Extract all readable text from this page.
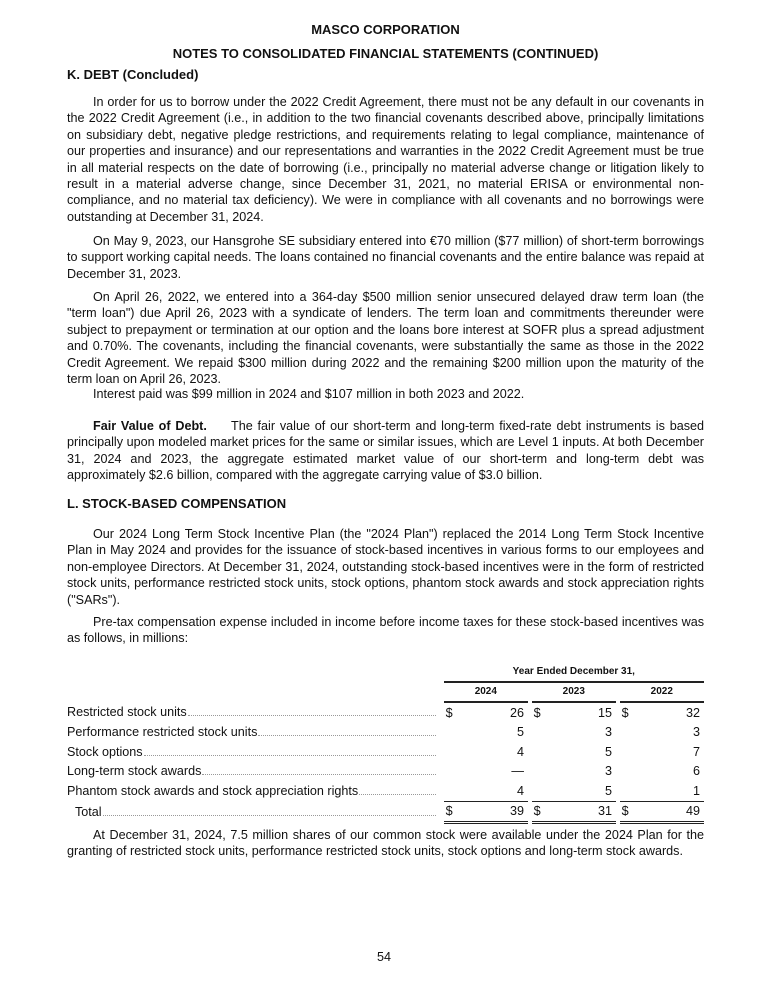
MASCO CORPORATION
NOTES TO CONSOLIDATED FINANCIAL STATEMENTS (CONTINUED)
K. DEBT (Concluded)

In order for us to borrow under the 2022 Credit Agreement, there must not be any default in our covenants in the 2022 Credit Agreement (i.e., in addition to the two financial covenants described above, principally limitations on subsidiary debt, negative pledge restrictions, and requirements relating to legal compliance, maintenance of our properties and insurance) and our representations and warranties in the 2022 Credit Agreement must be true in all material respects on the date of borrowing (i.e., principally no material adverse change or litigation likely to result in a material adverse change, since December 31, 2021, no material ERISA or environmental non-compliance, and no material tax deficiency). We were in compliance with all covenants and no borrowings were outstanding at December 31, 2024.

On May 9, 2023, our Hansgrohe SE subsidiary entered into €70 million ($77 million) of short-term borrowings to support working capital needs. The loans contained no financial covenants and the entire balance was repaid at December 31, 2023.

On April 26, 2022, we entered into a 364-day $500 million senior unsecured delayed draw term loan (the "term loan") due April 26, 2023 with a syndicate of lenders. The term loan and commitments thereunder were subject to prepayment or termination at our option and the loans bore interest at SOFR plus a spread adjustment and 0.70%. The covenants, including the financial covenants, were substantially the same as those in the 2022 Credit Agreement. We repaid $300 million during 2022 and the remaining $200 million upon the maturity of the term loan on April 26, 2023.

Interest paid was $99 million in 2024 and $107 million in both 2023 and 2022.

Fair Value of Debt. The fair value of our short-term and long-term fixed-rate debt instruments is based principally upon modeled market prices for the same or similar issues, which are Level 1 inputs. At both December 31, 2024 and 2023, the aggregate estimated market value of our short-term and long-term debt was approximately $2.6 billion, compared with the aggregate carrying value of $3.0 billion.

L. STOCK-BASED COMPENSATION

Our 2024 Long Term Stock Incentive Plan (the "2024 Plan") replaced the 2014 Long Term Stock Incentive Plan in May 2024 and provides for the issuance of stock-based incentives in various forms to our employees and non-employee Directors. At December 31, 2024, outstanding stock-based incentives were in the form of restricted stock units, performance restricted stock units, stock options, phantom stock awards and stock appreciation rights ("SARs").

Pre-tax compensation expense included in income before income taxes for these stock-based incentives was as follows, in millions:

		Year Ended December 31,							
		2024			2023			2022	

Restricted stock units		$	26		$	15		$	32

Performance restricted stock units			5			3			3

Stock options			4			5			7

Long-term stock awards			—			3			6

Phantom stock awards and stock appreciation rights			4			5			1

Total		$	39		$	31		$	49

At December 31, 2024, 7.5 million shares of our common stock were available under the 2024 Plan for the granting of restricted stock units, performance restricted stock units, stock options and long-term stock awards.

54
